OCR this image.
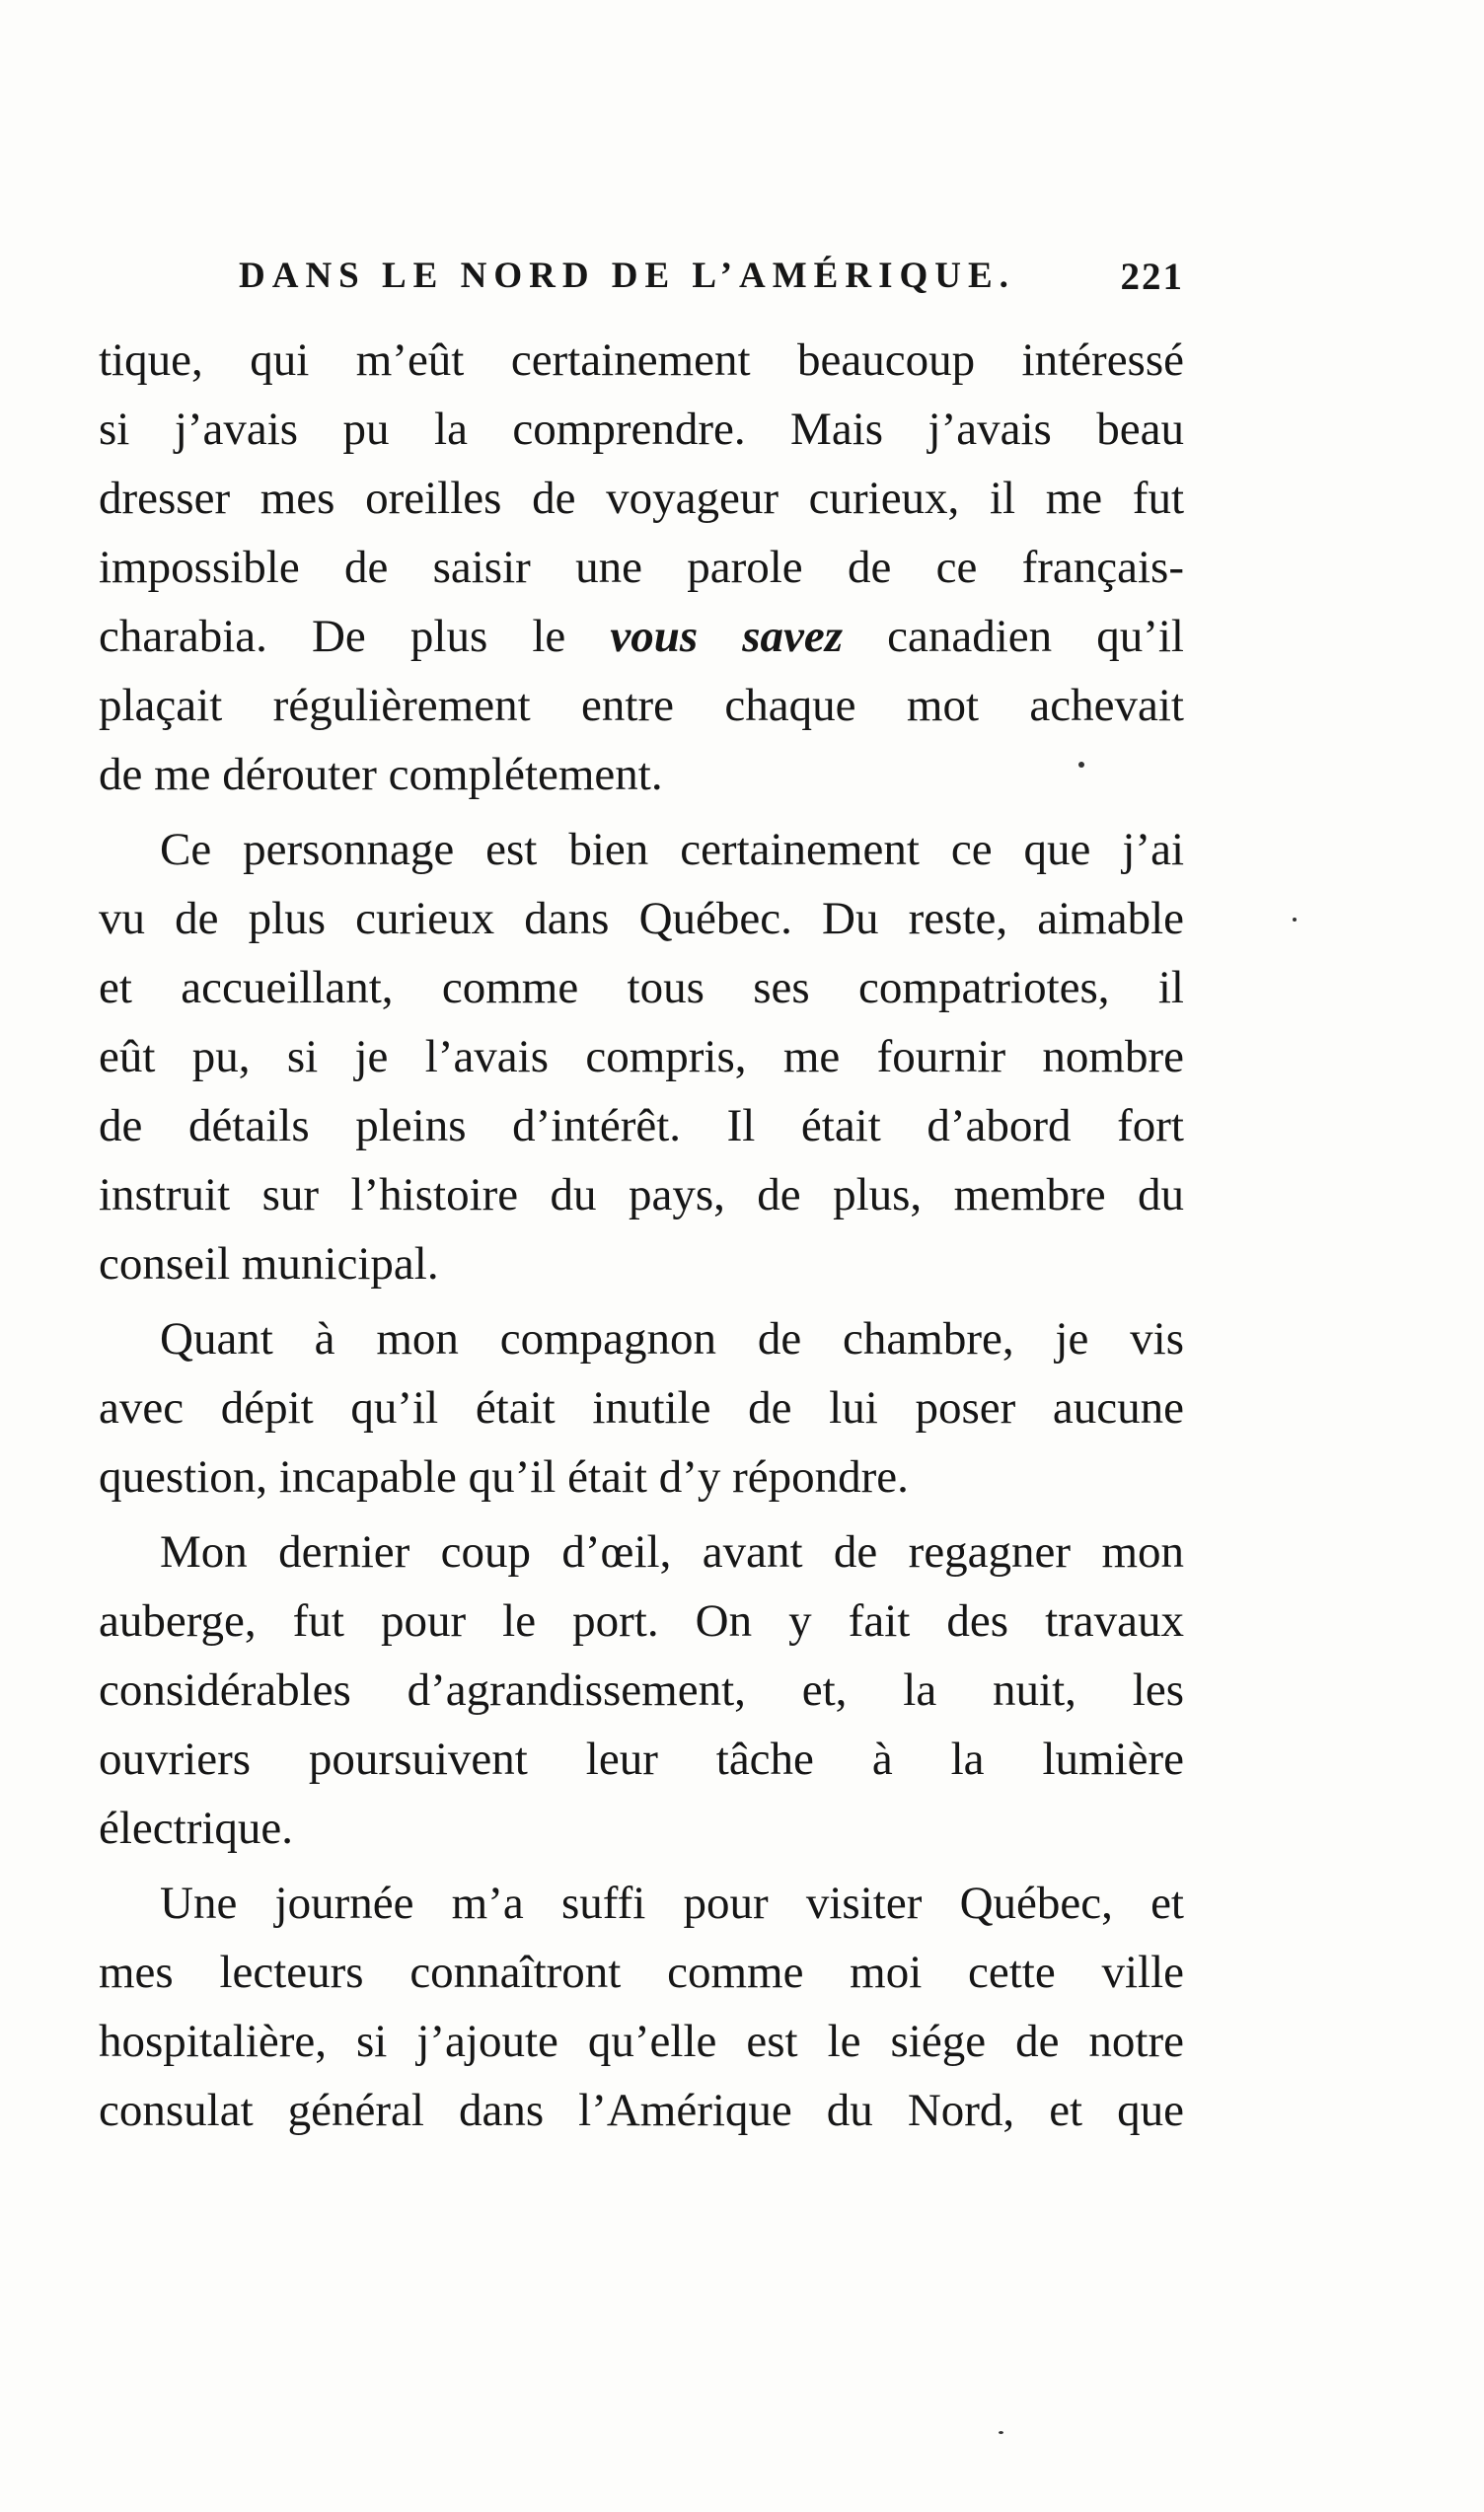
DANS LE NORD DE L’AMÉRIQUE.	221
tique, qui m’eût certainement beaucoup intéressé
si j’avais pu la comprendre. Mais j’avais beau
dresser mes oreilles de voyageur curieux, il me fut
impossible de saisir une parole de ce français-
charabia. De plus le vous savez canadien qu’il
plaçait régulièrement entre chaque mot achevait
de me dérouter complétement.
Ce personnage est bien certainement ce que j’ai
vu de plus curieux dans Québec. Du reste, aimable
et accueillant, comme tous ses compatriotes, il
eût pu, si je l’avais compris, me fournir nombre
de détails pleins d’intérêt. Il était d’abord fort
instruit sur l’histoire du pays, de plus, membre du
conseil municipal.
Quant à mon compagnon de chambre, je vis
avec dépit qu’il était inutile de lui poser aucune
question, incapable qu’il était d’y répondre.
Mon dernier coup d’œil, avant de regagner mon
auberge, fut pour le port. On y fait des travaux
considérables d’agrandissement, et, la nuit, les
ouvriers poursuivent leur tâche à la lumière
électrique.
Une journée m’a suffi pour visiter Québec, et
mes lecteurs connaîtront comme moi cette ville
hospitalière, si j’ajoute qu’elle est le siége de notre
consulat général dans l’Amérique du Nord, et que
